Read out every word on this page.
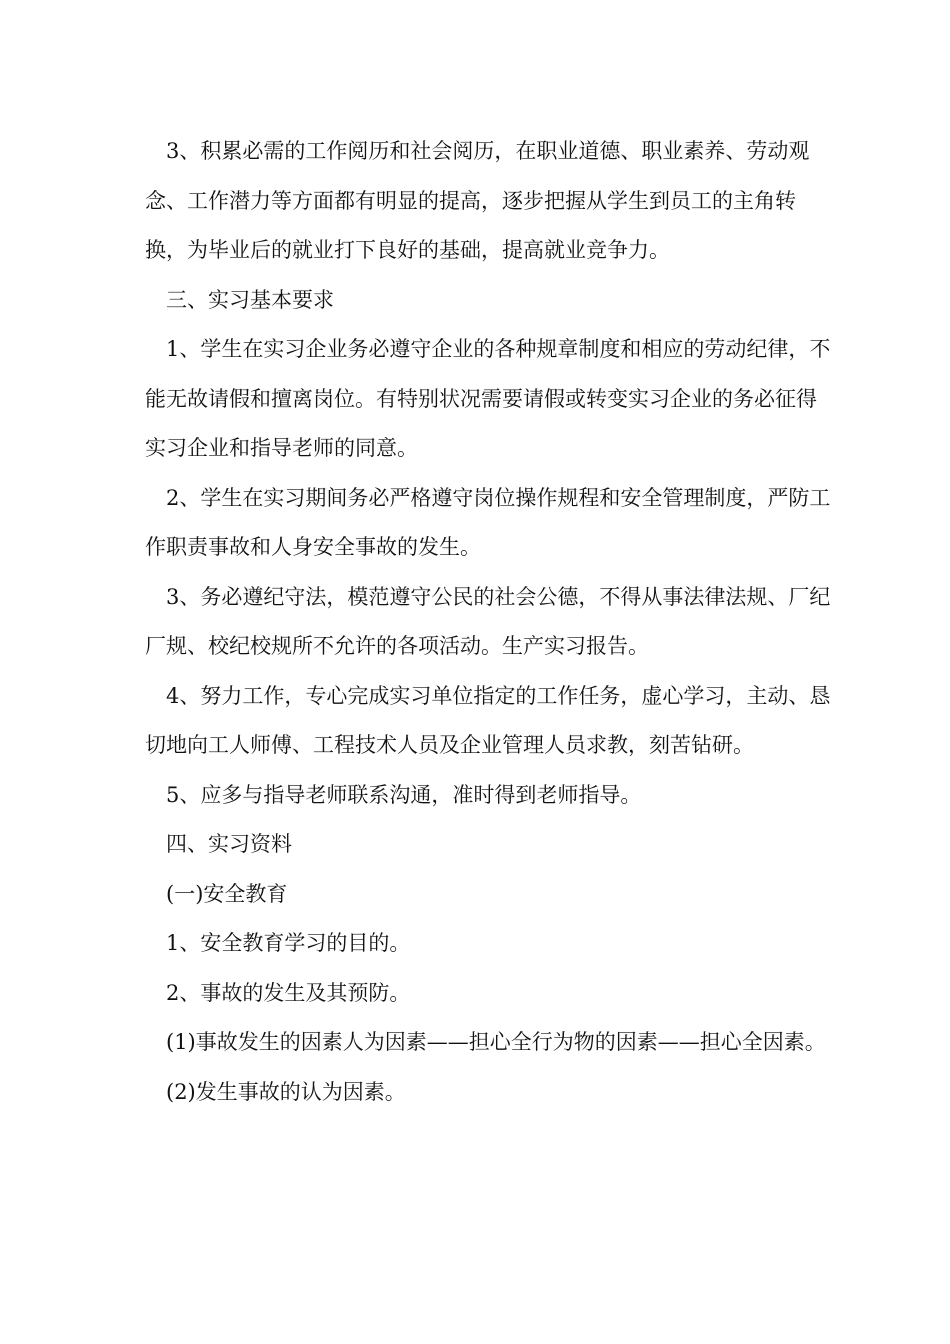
3、积累必需的工作阅历和社会阅历，在职业道德、职业素养、劳动观念、工作潜力等方面都有明显的提高，逐步把握从学生到员工的主角转换，为毕业后的就业打下良好的基础，提高就业竞争力。

三、实习基本要求

1、学生在实习企业务必遵守企业的各种规章制度和相应的劳动纪律，不能无故请假和擅离岗位。有特别状况需要请假或转变实习企业的务必征得实习企业和指导老师的同意。

2、学生在实习期间务必严格遵守岗位操作规程和安全管理制度，严防工作职责事故和人身安全事故的发生。

3、务必遵纪守法，模范遵守公民的社会公德，不得从事法律法规、厂纪厂规、校纪校规所不允许的各项活动。生产实习报告。

4、努力工作，专心完成实习单位指定的工作任务，虚心学习，主动、恳切地向工人师傅、工程技术人员及企业管理人员求教，刻苦钻研。

5、应多与指导老师联系沟通，准时得到老师指导。

四、实习资料

(一)安全教育

1、安全教育学习的目的。

2、事故的发生及其预防。

(1)事故发生的因素人为因素——担心全行为物的因素——担心全因素。

(2)发生事故的认为因素。
